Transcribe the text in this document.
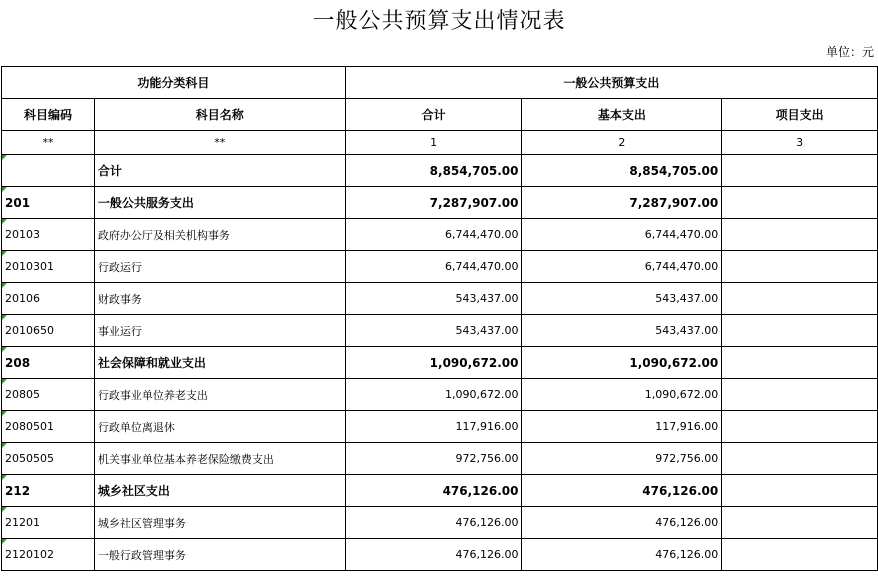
一般公共预算支出情况表
单位：元
功能分类科目		一般公共预算支出		
科目编码	科目名称	合计	基本支出	项目支出
**	**	1	2	3
	合计	8,854,705.00	8,854,705.00	
201	一般公共服务支出	7,287,907.00	7,287,907.00	
20103	政府办公厅及相关机构事务	6,744,470.00	6,744,470.00	
2010301	行政运行	6,744,470.00	6,744,470.00	
20106	财政事务	543,437.00	543,437.00	
2010650	事业运行	543,437.00	543,437.00	
208	社会保障和就业支出	1,090,672.00	1,090,672.00	
20805	行政事业单位养老支出	1,090,672.00	1,090,672.00	
2080501	行政单位离退休	117,916.00	117,916.00	
2050505	机关事业单位基本养老保险缴费支出	972,756.00	972,756.00	
212	城乡社区支出	476,126.00	476,126.00	
21201	城乡社区管理事务	476,126.00	476,126.00	
2120102	一般行政管理事务	476,126.00	476,126.00	
